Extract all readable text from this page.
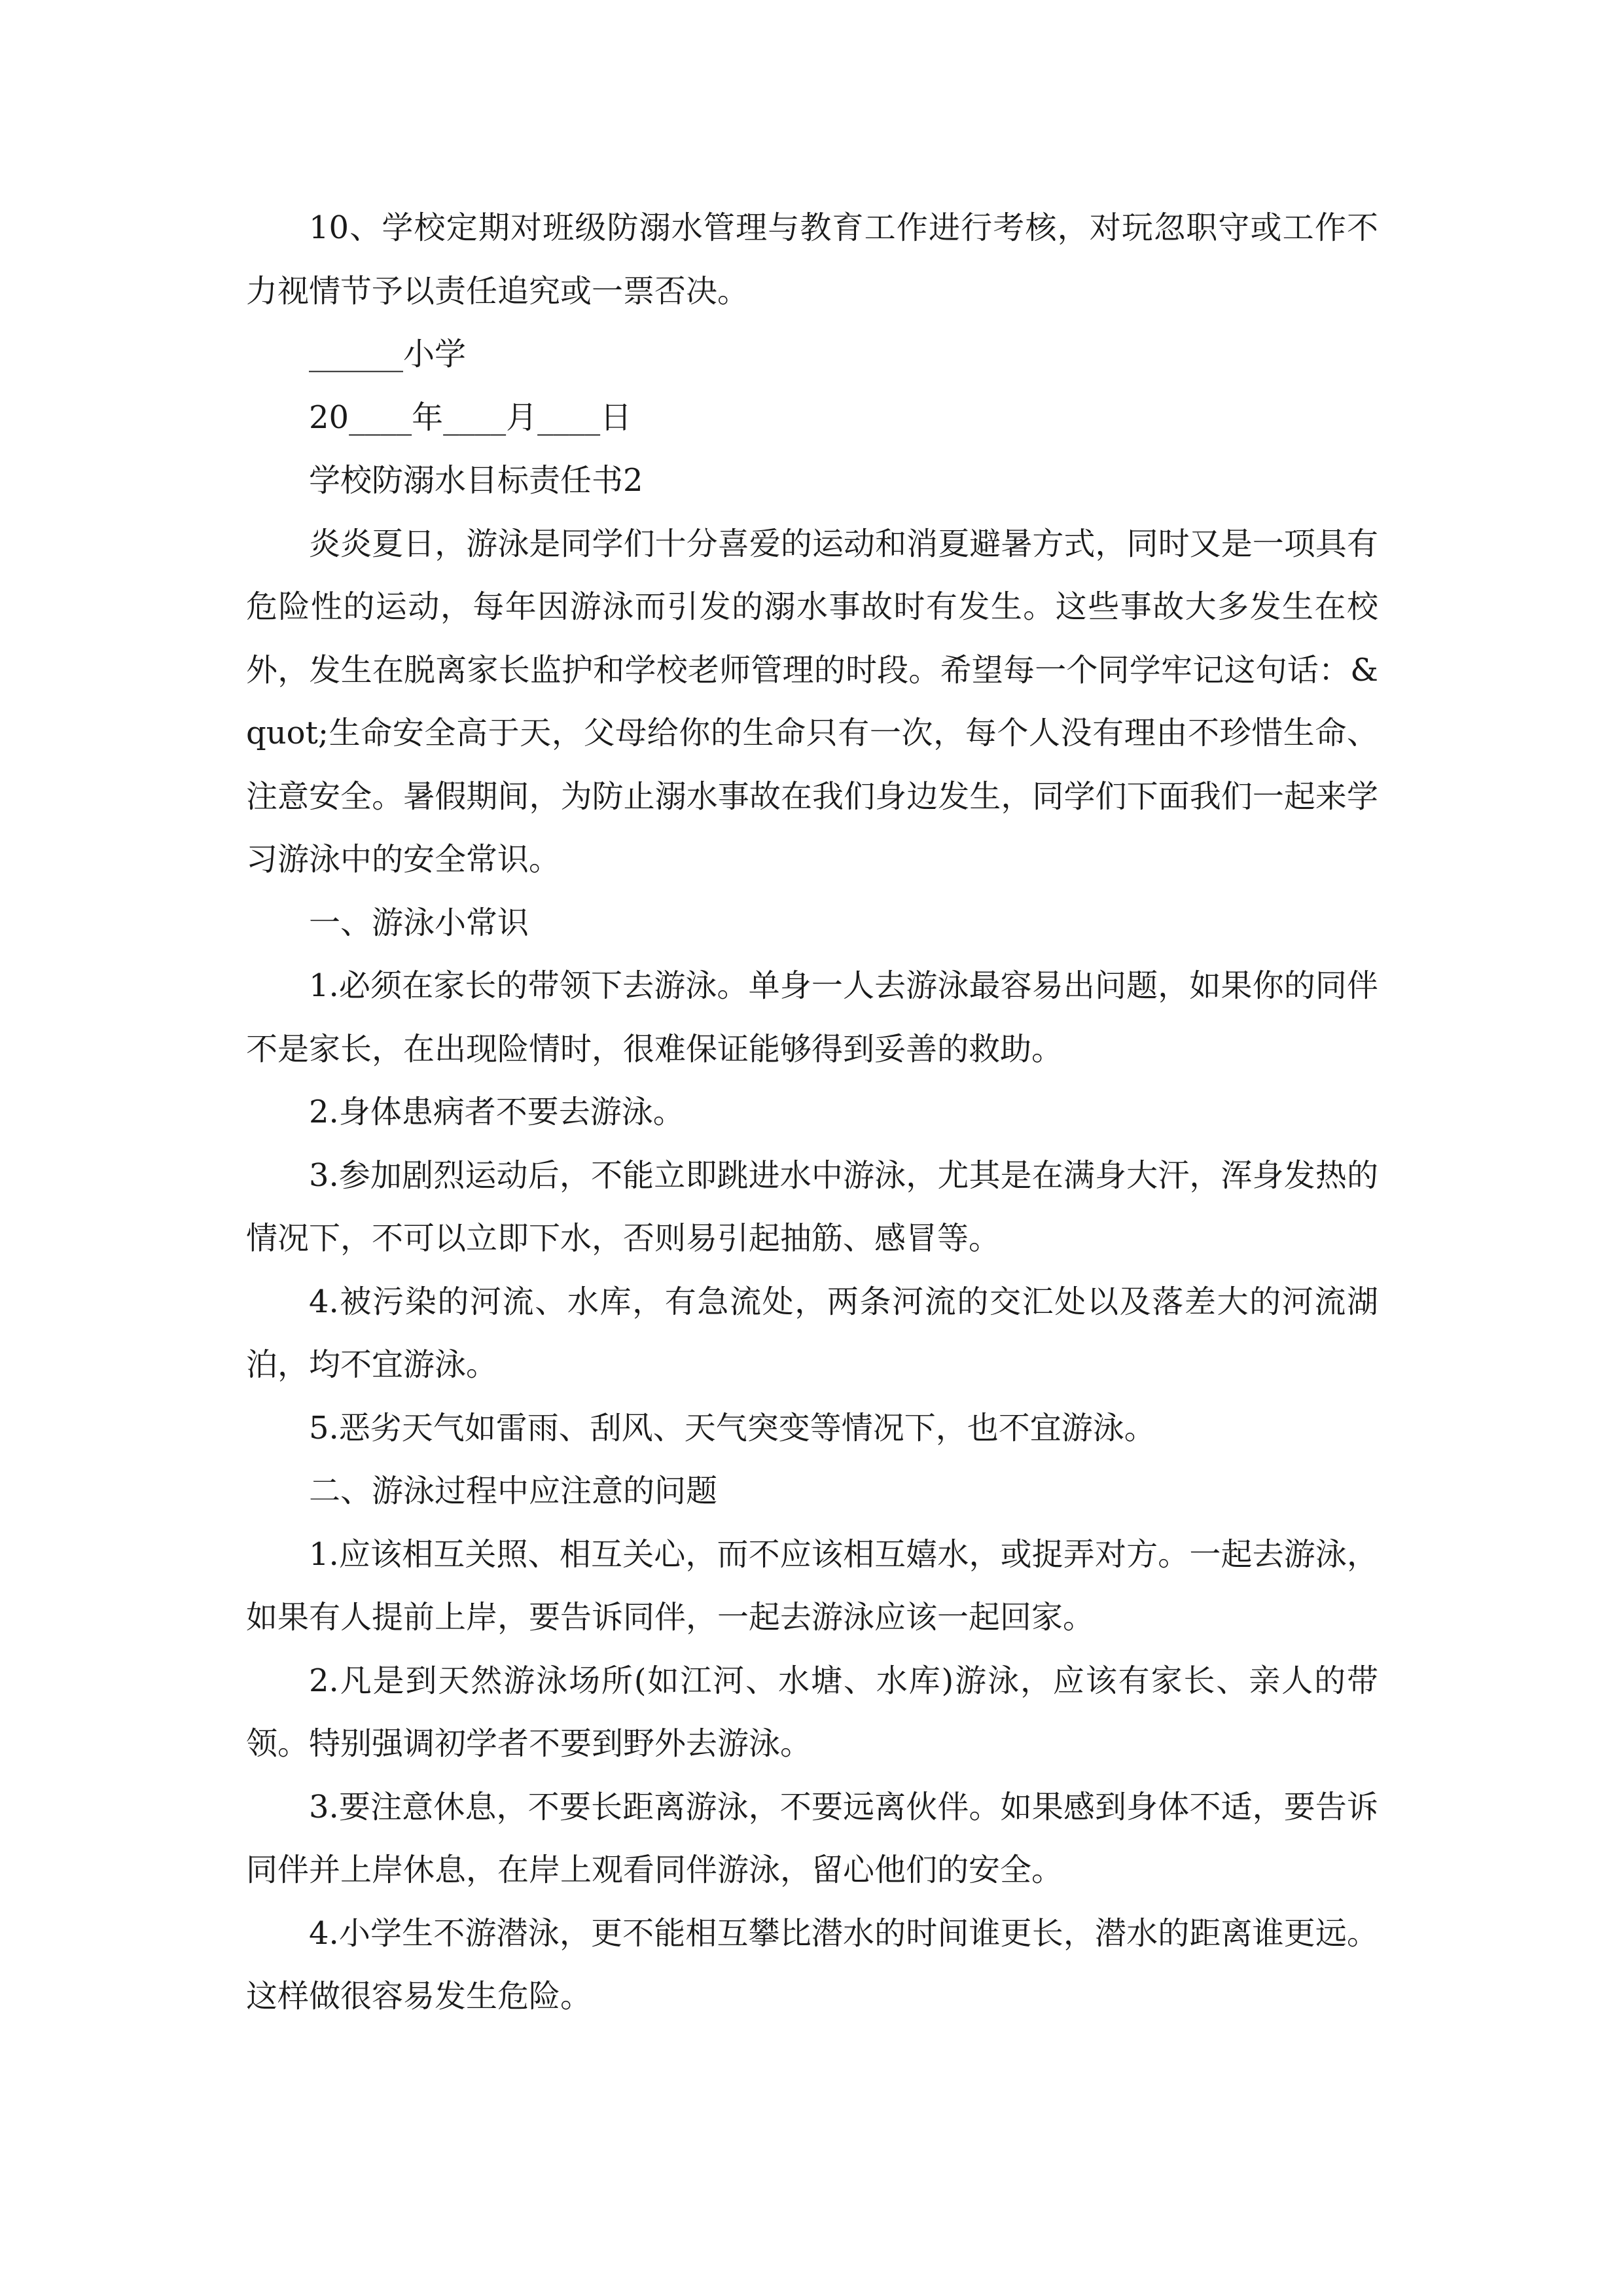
10、学校定期对班级防溺水管理与教育工作进行考核，对玩忽职守或工作不力视情节予以责任追究或一票否决。

______小学

20____年____月____日

学校防溺水目标责任书2

炎炎夏日，游泳是同学们十分喜爱的运动和消夏避暑方式，同时又是一项具有危险性的运动，每年因游泳而引发的溺水事故时有发生。这些事故大多发生在校外，发生在脱离家长监护和学校老师管理的时段。希望每一个同学牢记这句话：&quot;生命安全高于天，父母给你的生命只有一次，每个人没有理由不珍惜生命、注意安全。暑假期间，为防止溺水事故在我们身边发生，同学们下面我们一起来学习游泳中的安全常识。

一、游泳小常识

1.必须在家长的带领下去游泳。单身一人去游泳最容易出问题，如果你的同伴不是家长，在出现险情时，很难保证能够得到妥善的救助。

2.身体患病者不要去游泳。

3.参加剧烈运动后，不能立即跳进水中游泳，尤其是在满身大汗，浑身发热的情况下，不可以立即下水，否则易引起抽筋、感冒等。

4.被污染的河流、水库，有急流处，两条河流的交汇处以及落差大的河流湖泊，均不宜游泳。

5.恶劣天气如雷雨、刮风、天气突变等情况下，也不宜游泳。

二、游泳过程中应注意的问题

1.应该相互关照、相互关心，而不应该相互嬉水，或捉弄对方。一起去游泳，如果有人提前上岸，要告诉同伴，一起去游泳应该一起回家。

2.凡是到天然游泳场所(如江河、水塘、水库)游泳，应该有家长、亲人的带领。特别强调初学者不要到野外去游泳。

3.要注意休息，不要长距离游泳，不要远离伙伴。如果感到身体不适，要告诉同伴并上岸休息，在岸上观看同伴游泳，留心他们的安全。

4.小学生不游潜泳，更不能相互攀比潜水的时间谁更长，潜水的距离谁更远。这样做很容易发生危险。
